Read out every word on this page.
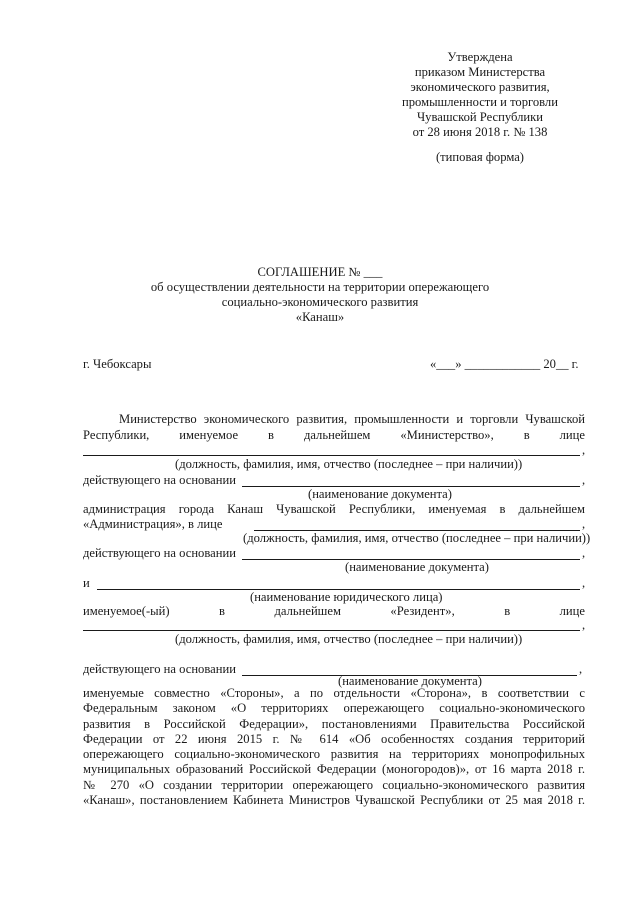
Утверждена
приказом Министерства
экономического развития,
промышленности и торговли
Чувашской Республики
от 28 июня 2018 г. № 138
(типовая форма)
СОГЛАШЕНИЕ № ___
об осуществлении деятельности на территории опережающего
социально-экономического развития
«Канаш»
г. Чебоксары	«___» ____________ 20__ г.
Министерство экономического развития, промышленности и торговли Чувашской
Республики, именуемое в дальнейшем «Министерство», в лице
,
(должность, фамилия, имя, отчество (последнее – при наличии))
действующего на основании	,
(наименование документа)
администрация города Канаш Чувашской Республики, именуемая в дальнейшем
«Администрация», в лице	,
(должность, фамилия, имя, отчество (последнее – при наличии))
действующего на основании	,
(наименование документа)
и	,
(наименование юридического лица)
именуемое(-ый) в дальнейшем «Резидент», в лице
,
(должность, фамилия, имя, отчество (последнее – при наличии))
действующего на основании	,
(наименование документа)
именуемые совместно «Стороны», а по отдельности «Сторона», в соответствии с
Федеральным законом «О территориях опережающего социально-экономического
развития в Российской Федерации», постановлениями Правительства Российской
Федерации от 22 июня 2015 г. № 614 «Об особенностях создания территорий
опережающего социально-экономического развития на территориях монопрофильных
муниципальных образований Российской Федерации (моногородов)», от 16 марта 2018 г.
№ 270 «О создании территории опережающего социально-экономического развития
«Канаш», постановлением Кабинета Министров Чувашской Республики от 25 мая 2018 г.
